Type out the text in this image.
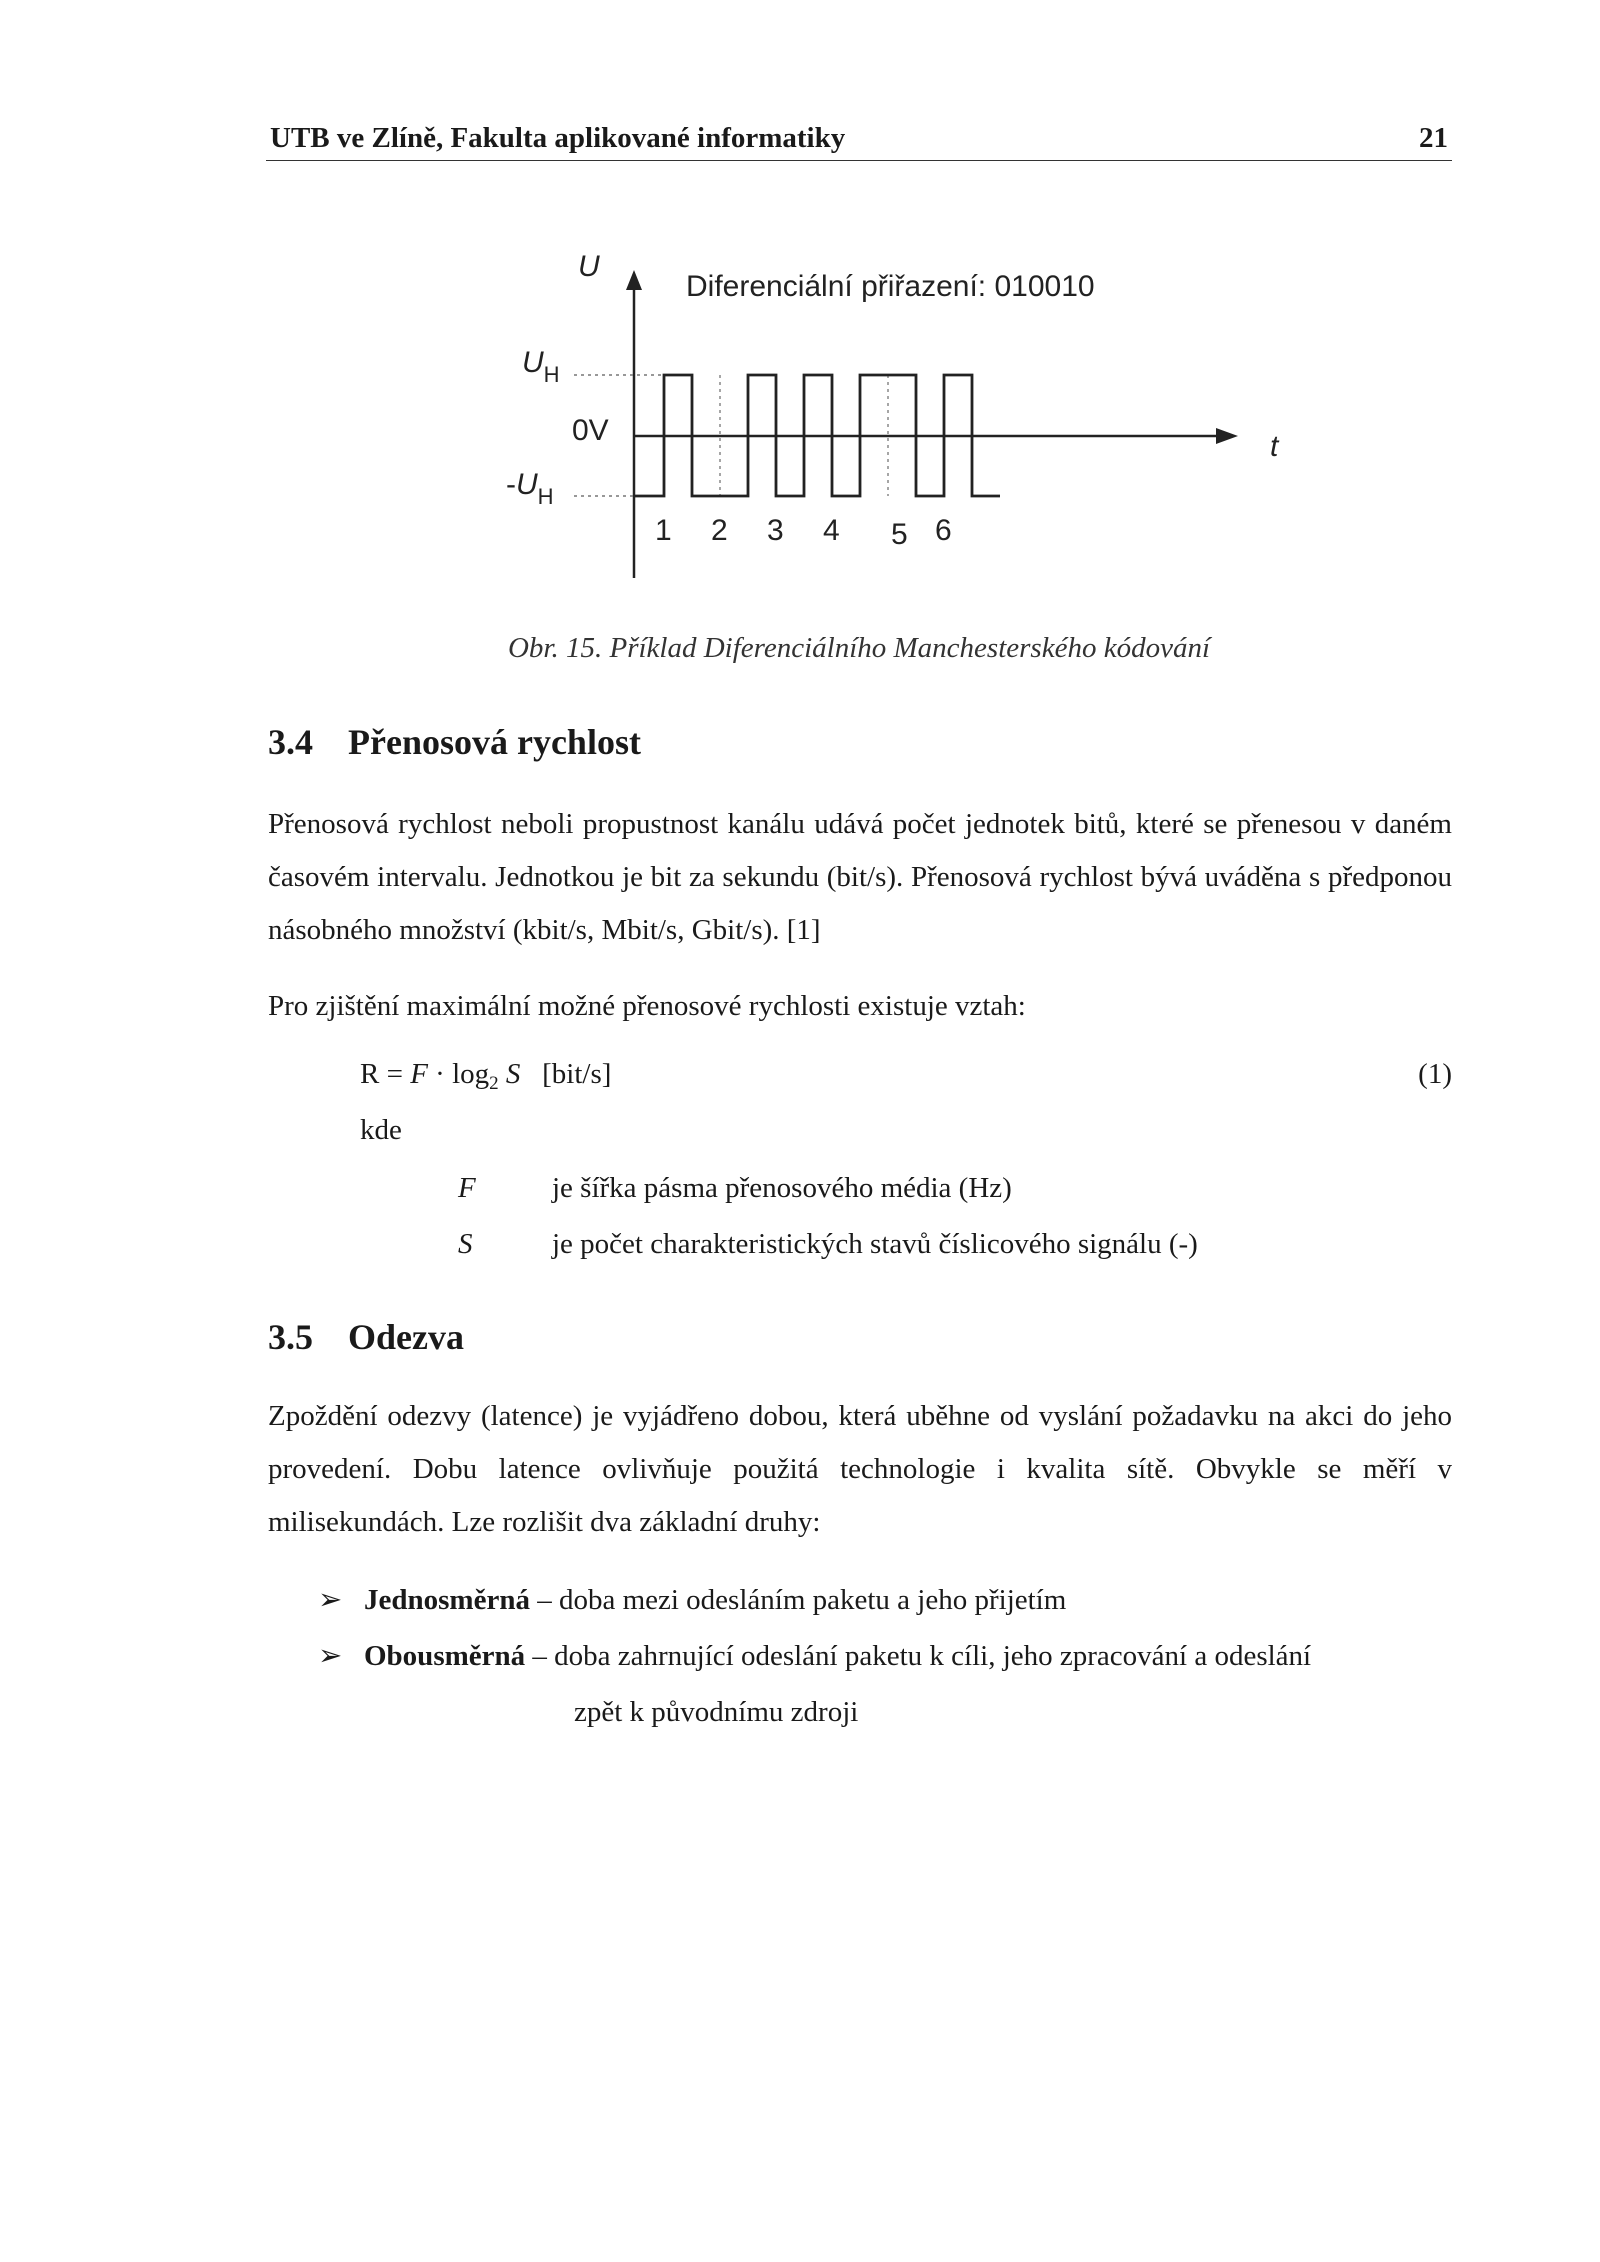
UTB ve Zlíně, Fakulta aplikované informatiky	21
1 2 3 4 5 6
Diferenciální přiřazení: 010010
U
t
$U_H$
0V
$-U_H$
Obr. 15. Příklad Diferenciálního Manchesterského kódování
3.4 Přenosová rychlost

Přenosová rychlost neboli propustnost kanálu udává počet jednotek bitů, které se přenesou v daném časovém intervalu. Jednotkou je bit za sekundu (bit/s). Přenosová rychlost bývá uváděna s předponou násobného množství (kbit/s, Mbit/s, Gbit/s). [1]

Pro zjištění maximální možné přenosové rychlosti existuje vztah:

$R = F \cdot \log_2 S$ [bit/s]	(1)
kde
F	je šířka pásma přenosového média (Hz)
S	je počet charakteristických stavů číslicového signálu (-)
3.5 Odezva

Zpoždění odezvy (latence) je vyjádřeno dobou, která uběhne od vyslání požadavku na akci do jeho provedení. Dobu latence ovlivňuje použitá technologie i kvalita sítě. Obvykle se měří v milisekundách. Lze rozlišit dva základní druhy:

➢ Jednosměrná – doba mezi odesláním paketu a jeho přijetím
➢ Obousměrná – doba zahrnující odeslání paketu k cíli, jeho zpracování a odeslání
zpět k původnímu zdroji
